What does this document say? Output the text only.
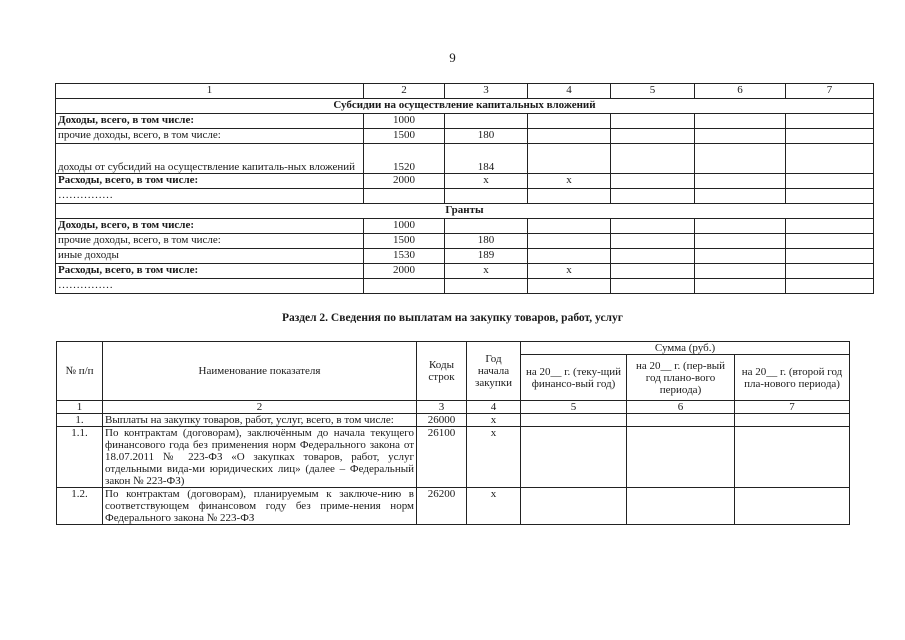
9
1	2	3	4	5	6	7
Субсидии на осуществление капитальных вложений						
Доходы, всего, в том числе:	1000					
прочие доходы, всего, в том числе:	1500	180				
доходы от субсидий на осуществление капиталь-ных вложений	1520	184				
Расходы, всего, в том числе:	2000	х	х			
……………						
Гранты						
Доходы, всего, в том числе:	1000					
прочие доходы, всего, в том числе:	1500	180				
иные доходы	1530	189				
Расходы, всего, в том числе:	2000	х	х			
……………						
Раздел 2. Сведения по выплатам на закупку товаров, работ, услуг
№ п/п	Наименование показателя	Коды строк	Год начала закупки	Сумма (руб.)		
				на 20__ г. (теку-щий финансо-вый год)	на 20__ г. (пер-вый год плано-вого периода)	на 20__ г. (второй год пла-нового периода)
1	2	3	4	5	6	7
1.	Выплаты на закупку товаров, работ, услуг, всего, в том числе:	26000	х			
1.1.	По контрактам (договорам), заключённым до начала текущего финансового года без применения норм Федерального закона от 18.07.2011 № 223-ФЗ «О закупках товаров, работ, услуг отдельными вида-ми юридических лиц» (далее – Федеральный закон № 223-ФЗ)	26100	х			
1.2.	По контрактам (договорам), планируемым к заключе-нию в соответствующем финансовом году без приме-нения норм Федерального закона № 223-ФЗ	26200	х			
